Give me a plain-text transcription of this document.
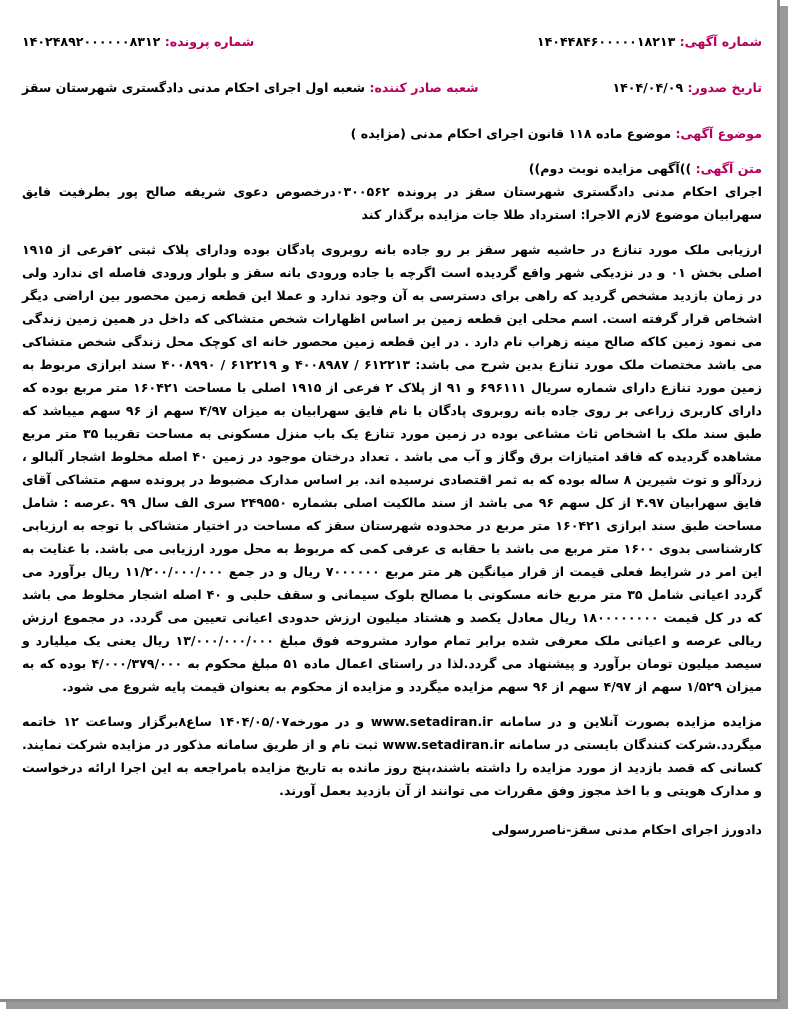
شماره آگهی: ۱۴۰۴۴۸۴۶۰۰۰۰۰۱۸۲۱۳
شماره پرونده: ۱۴۰۲۴۸۹۲۰۰۰۰۰۰۸۳۱۲
تاریخ صدور: ۱۴۰۴/۰۴/۰۹
شعبه صادر کننده: شعبه اول اجرای احکام مدنی دادگستری شهرستان سقز
موضوع آگهی: موضوع ماده ۱۱۸ قانون اجرای احکام مدنی (مزایده )
متن آگهی: ))آگهی مزایده نوبت دوم))

اجرای احکام مدنی دادگستری شهرستان سقز در پرونده ۰۳۰۰۵۶۲درخصوص دعوی شریفه صالح پور بطرفیت فایق سهرابیان موضوع لازم الاجرا: استرداد طلا جات مزایده برگذار کند

ارزیابی ملک مورد تنازع در حاشیه شهر سقز بر رو جاده بانه روبروی پادگان بوده ودارای پلاک ثبتی ۲فرعی از ۱۹۱۵ اصلی بخش ۰۱ و در نزدیکی شهر واقع گردیده است اگرچه با جاده ورودی بانه سقز و بلوار ورودی فاصله ای ندارد ولی در زمان بازدید مشخص گردید که راهی برای دسترسی به آن وجود ندارد و عملا این قطعه زمین محصور بین اراضی دیگر اشخاص قرار گرفته است. اسم محلی این قطعه زمین بر اساس اظهارات شخص متشاکی که داخل در همین زمین زندگی می نمود زمین کاکه صالح مینه زهراب نام دارد . در این قطعه زمین محصور خانه ای کوچک محل زندگی شخص متشاکی می باشد مختصات ملک مورد تنازع بدین شرح می باشد: ۶۱۲۲۱۳ / ۴۰۰۸۹۸۷ و ۶۱۲۲۱۹ / ۴۰۰۸۹۹۰ سند ابرازی مربوط به زمین مورد تنازع دارای شماره سریال ۶۹۶۱۱۱ و ۹۱ از پلاک ۲ فرعی از ۱۹۱۵ اصلی با مساحت ۱۶۰۴۲۱ متر مربع بوده که دارای کاربری زراعی بر روی جاده بانه روبروی پادگان با نام فایق سهرابیان به میزان ۴/۹۷ سهم از ۹۶ سهم میباشد که طبق سند ملک با اشخاص ثاث مشاعی بوده در زمین مورد تنازع یک باب منزل مسکونی به مساحت تقریبا ۳۵ متر مربع مشاهده گردیده که فاقد امتیازات برق وگاز و آب می باشد . تعداد درختان موجود در زمین ۴۰ اصله مخلوط اشجار آلبالو ، زردآلو و توت شیرین ۸ ساله بوده که به ثمر اقتصادی نرسیده اند. بر اساس مدارک مضبوط در پرونده سهم متشاکی آقای فایق سهرابیان ۴.۹۷ از کل سهم ۹۶ می باشد از سند مالکیت اصلی بشماره ۲۴۹۵۵۰ سری الف سال ۹۹ .عرصه : شامل مساحت طبق سند ابرازی ۱۶۰۴۲۱ متر مربع در محدوده شهرستان سقز که مساحت در اختیار متشاکی با توجه به ارزیابی کارشناسی بدوی ۱۶۰۰ متر مربع می باشد با حقابه ی عرفی کمی که مربوط به محل مورد ارزیابی می باشد. با عنایت به این امر در شرایط فعلی قیمت از قرار میانگین هر متر مربع ۷۰۰۰۰۰۰ ریال و در جمع ۱۱/۲۰۰/۰۰۰/۰۰۰ ریال برآورد می گردد اعیانی شامل ۳۵ متر مربع خانه مسکونی با مصالح بلوک سیمانی و سقف حلبی و ۴۰ اصله اشجار مخلوط می باشد که در کل قیمت ۱۸۰۰۰۰۰۰۰۰ ریال معادل یکصد و هشتاد میلیون ارزش حدودی اعیانی تعیین می گردد. در مجموع ارزش ریالی عرصه و اعیانی ملک معرفی شده برابر تمام موارد مشروحه فوق مبلغ ۱۳/۰۰۰/۰۰۰/۰۰۰ ریال یعنی یک میلیارد و سیصد میلیون تومان برآورد و پیشنهاد می گردد.لذا در راستای اعمال ماده ۵۱ مبلغ محکوم به ۴/۰۰۰/۳۷۹/۰۰۰ بوده که به میزان ۱/۵۲۹ سهم از ۴/۹۷ سهم از ۹۶ سهم مزایده میگردد و مزایده از محکوم به بعنوان قیمت پایه شروع می شود.

مزایده مزایده بصورت آنلاین و در سامانه www.setadiran.ir و در مورخه۱۴۰۴/۰۵/۰۷ ساع۸برگزار وساعت ۱۲ خاتمه میگردد.شرکت کنندگان بایستی در سامانه www.setadiran.ir ثبت نام و از طریق سامانه مذکور در مزایده شرکت نمایند. کسانی که قصد بازدید از مورد مزایده را داشته باشند،پنج روز مانده به تاریخ مزایده بامراجعه به این اجرا ارائه درخواست و مدارک هویتی و با اخذ مجوز وفق مقررات می توانند از آن بازدید بعمل آورند.

دادورز اجرای احکام مدنی سقز-ناصررسولی
